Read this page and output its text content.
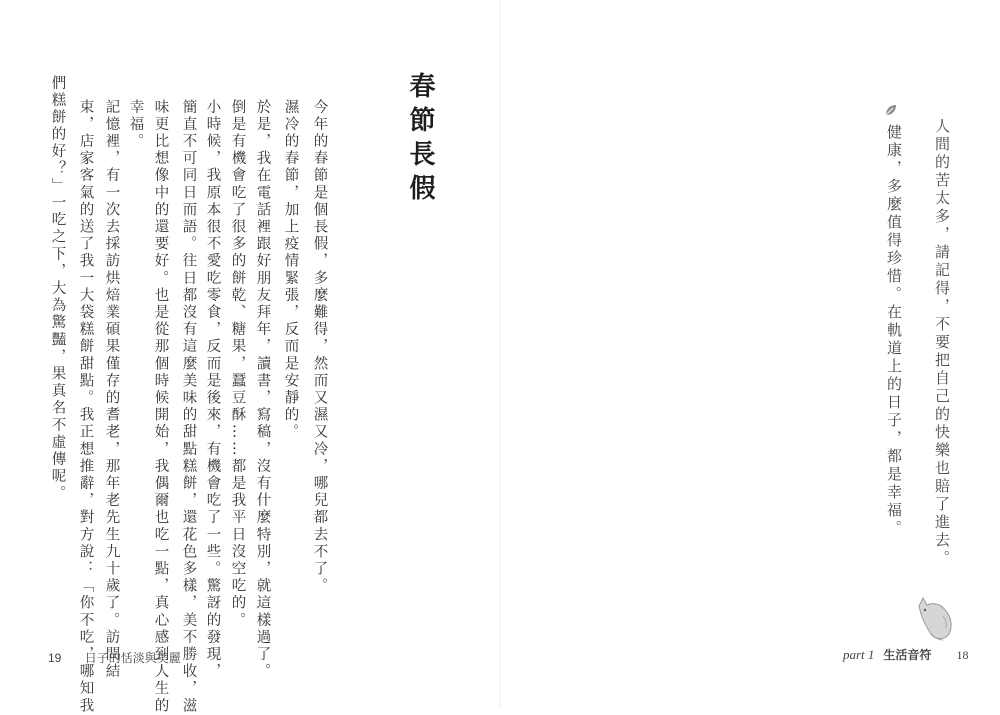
春節長假
今年的春節是個長假，多麼難得，然而又濕又冷，哪兒都去不了。
濕冷的春節，加上疫情緊張，反而是安靜的。
於是，我在電話裡跟好朋友拜年，讀書，寫稿，沒有什麼特別，就這樣過了。
倒是有機會吃了很多的餅乾、糖果，蠶豆酥……都是我平日沒空吃的。
小時候，我原本很不愛吃零食，反而是後來，有機會吃了一些。驚訝的發現，
簡直不可同日而語。往日都沒有這麼美味的甜點糕餅，還花色多樣，美不勝收，滋
味更比想像中的還要好。也是從那個時候開始，我偶爾也吃一點，真心感到人生的
幸福。
記憶裡，有一次去採訪烘焙業碩果僅存的耆老，那年老先生九十歲了。訪問結
束，店家客氣的送了我一大袋糕餅甜點。我正想推辭，對方說：「你不吃，哪知我
們糕餅的好？」一吃之下，大為驚豔，果真名不虛傳呢。	人間的苦太多，請記得，不要把自己的快樂也賠了進去。
健康，多麼值得珍惜。在軌道上的日子，都是幸福。
19 日子的恬淡與美麗	part 1 生活音符 18
